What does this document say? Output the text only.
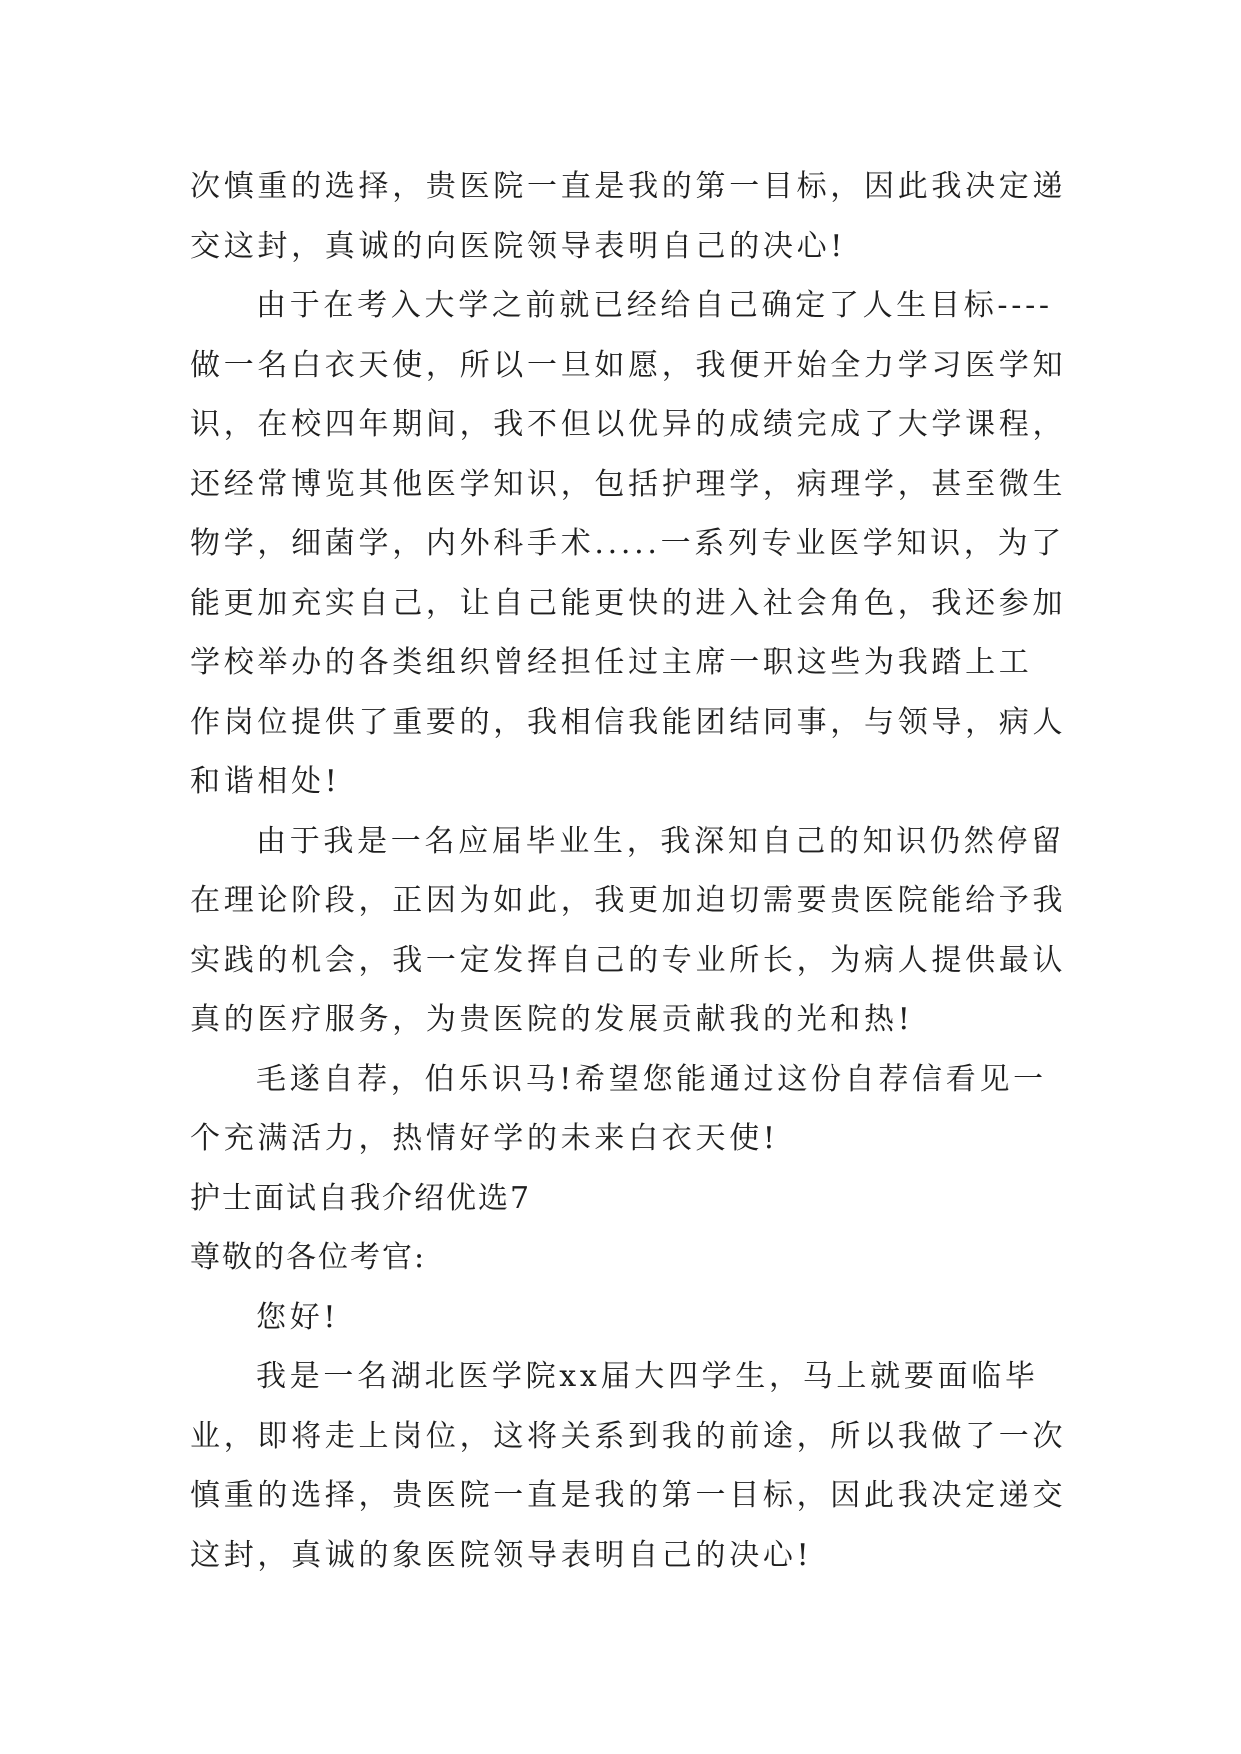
次慎重的选择，贵医院一直是我的第一目标，因此我决定递
交这封，真诚的向医院领导表明自己的决心!
由于在考入大学之前就已经给自己确定了人生目标----
做一名白衣天使，所以一旦如愿，我便开始全力学习医学知
识，在校四年期间，我不但以优异的成绩完成了大学课程，
还经常博览其他医学知识，包括护理学，病理学，甚至微生
物学，细菌学，内外科手术.....一系列专业医学知识，为了
能更加充实自己，让自己能更快的进入社会角色，我还参加
学校举办的各类组织曾经担任过主席一职这些为我踏上工
作岗位提供了重要的，我相信我能团结同事，与领导，病人
和谐相处!
由于我是一名应届毕业生，我深知自己的知识仍然停留
在理论阶段，正因为如此，我更加迫切需要贵医院能给予我
实践的机会，我一定发挥自己的专业所长，为病人提供最认
真的医疗服务，为贵医院的发展贡献我的光和热!
毛遂自荐，伯乐识马!希望您能通过这份自荐信看见一
个充满活力，热情好学的未来白衣天使!
护士面试自我介绍优选7
尊敬的各位考官:
您好!
我是一名湖北医学院xx届大四学生，马上就要面临毕
业，即将走上岗位，这将关系到我的前途，所以我做了一次
慎重的选择，贵医院一直是我的第一目标，因此我决定递交
这封，真诚的象医院领导表明自己的决心!
